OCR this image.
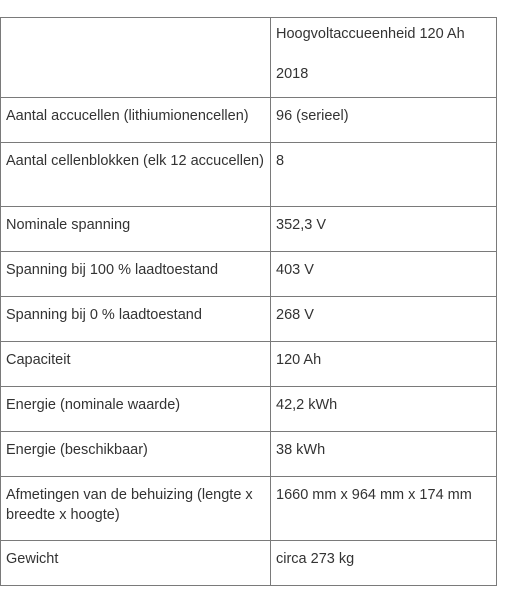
	Hoogvoltaccueenheid 120 Ah
2018

Aantal accucellen (lithiumionencellen)	96 (serieel)
Aantal cellenblokken (elk 12 accucellen)	8
Nominale spanning	352,3 V
Spanning bij 100 % laadtoestand	403 V
Spanning bij 0 % laadtoestand	268 V
Capaciteit	120 Ah
Energie (nominale waarde)	42,2 kWh
Energie (beschikbaar)	38 kWh
Afmetingen van de behuizing (lengte x breedte x hoogte)	1660 mm x 964 mm x 174 mm
Gewicht	circa 273 kg
